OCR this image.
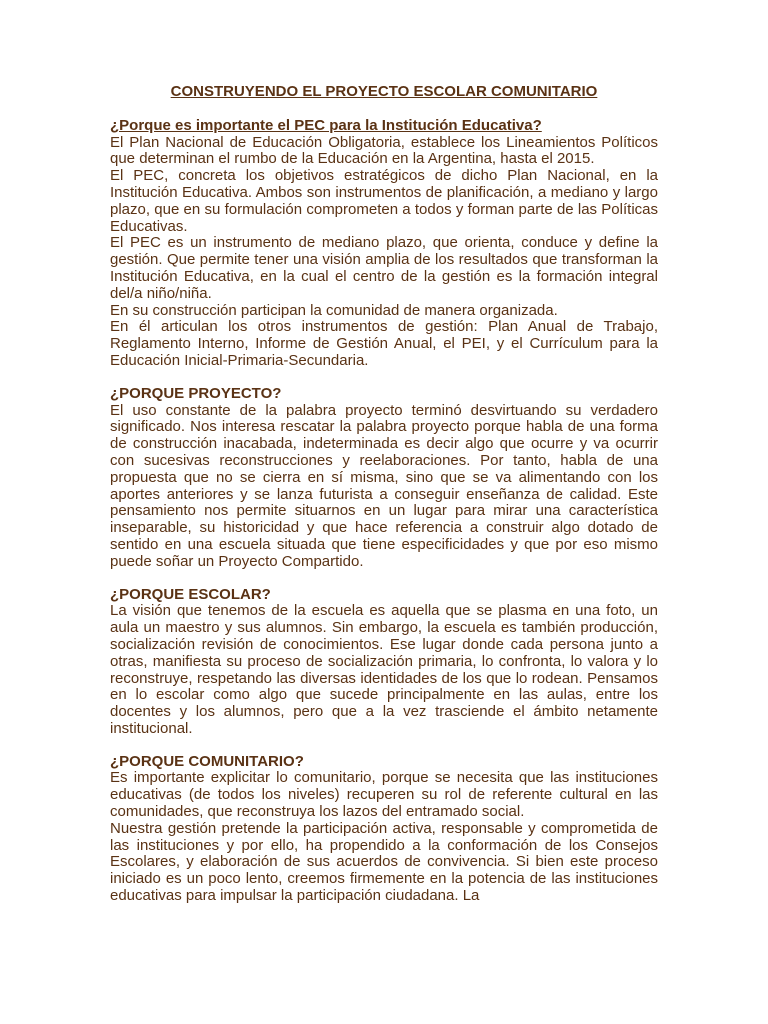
CONSTRUYENDO EL PROYECTO ESCOLAR COMUNITARIO

¿Porque es importante el PEC para la Institución Educativa?

El Plan Nacional de Educación Obligatoria, establece los Lineamientos Políticos que determinan el rumbo de la Educación en la Argentina, hasta el 2015.

El PEC, concreta los objetivos estratégicos de dicho Plan Nacional, en la Institución Educativa. Ambos son instrumentos de planificación, a mediano y largo plazo, que en su formulación comprometen a todos y forman parte de las Políticas Educativas.

El PEC es un instrumento de mediano plazo, que orienta, conduce y define la gestión. Que permite tener una visión amplia de los resultados que transforman la Institución Educativa, en la cual el centro de la gestión es la formación integral del/a niño/niña.

En su construcción participan la comunidad de manera organizada.

En él articulan los otros instrumentos de gestión: Plan Anual de Trabajo, Reglamento Interno, Informe de Gestión Anual, el PEI, y el Currículum para la Educación Inicial-Primaria-Secundaria.

¿PORQUE PROYECTO?

El uso constante de la palabra proyecto terminó desvirtuando su verdadero significado. Nos interesa rescatar la palabra proyecto porque habla de una forma de construcción inacabada, indeterminada es decir algo que ocurre y va ocurrir con sucesivas reconstrucciones y reelaboraciones. Por tanto, habla de una propuesta que no se cierra en sí misma, sino que se va alimentando con los aportes anteriores y se lanza futurista a conseguir enseñanza de calidad. Este pensamiento nos permite situarnos en un lugar para mirar una característica inseparable, su historicidad y que hace referencia a construir algo dotado de sentido en una escuela situada que tiene especificidades y que por eso mismo puede soñar un Proyecto Compartido.

¿PORQUE ESCOLAR?

La visión que tenemos de la escuela es aquella que se plasma en una foto, un aula un maestro y sus alumnos. Sin embargo, la escuela es también producción, socialización revisión de conocimientos. Ese lugar donde cada persona junto a otras, manifiesta su proceso de socialización primaria, lo confronta, lo valora y lo reconstruye, respetando las diversas identidades de los que lo rodean. Pensamos en lo escolar como algo que sucede principalmente en las aulas, entre los docentes y los alumnos, pero que a la vez trasciende el ámbito netamente institucional.

¿PORQUE COMUNITARIO?

Es importante explicitar lo comunitario, porque se necesita que las instituciones educativas (de todos los niveles) recuperen su rol de referente cultural en las comunidades, que reconstruya los lazos del entramado social.

Nuestra gestión pretende la participación activa, responsable y comprometida de las instituciones y por ello, ha propendido a la conformación de los Consejos Escolares, y elaboración de sus acuerdos de convivencia. Si bien este proceso iniciado es un poco lento, creemos firmemente en la potencia de las instituciones educativas para impulsar la participación ciudadana. La
